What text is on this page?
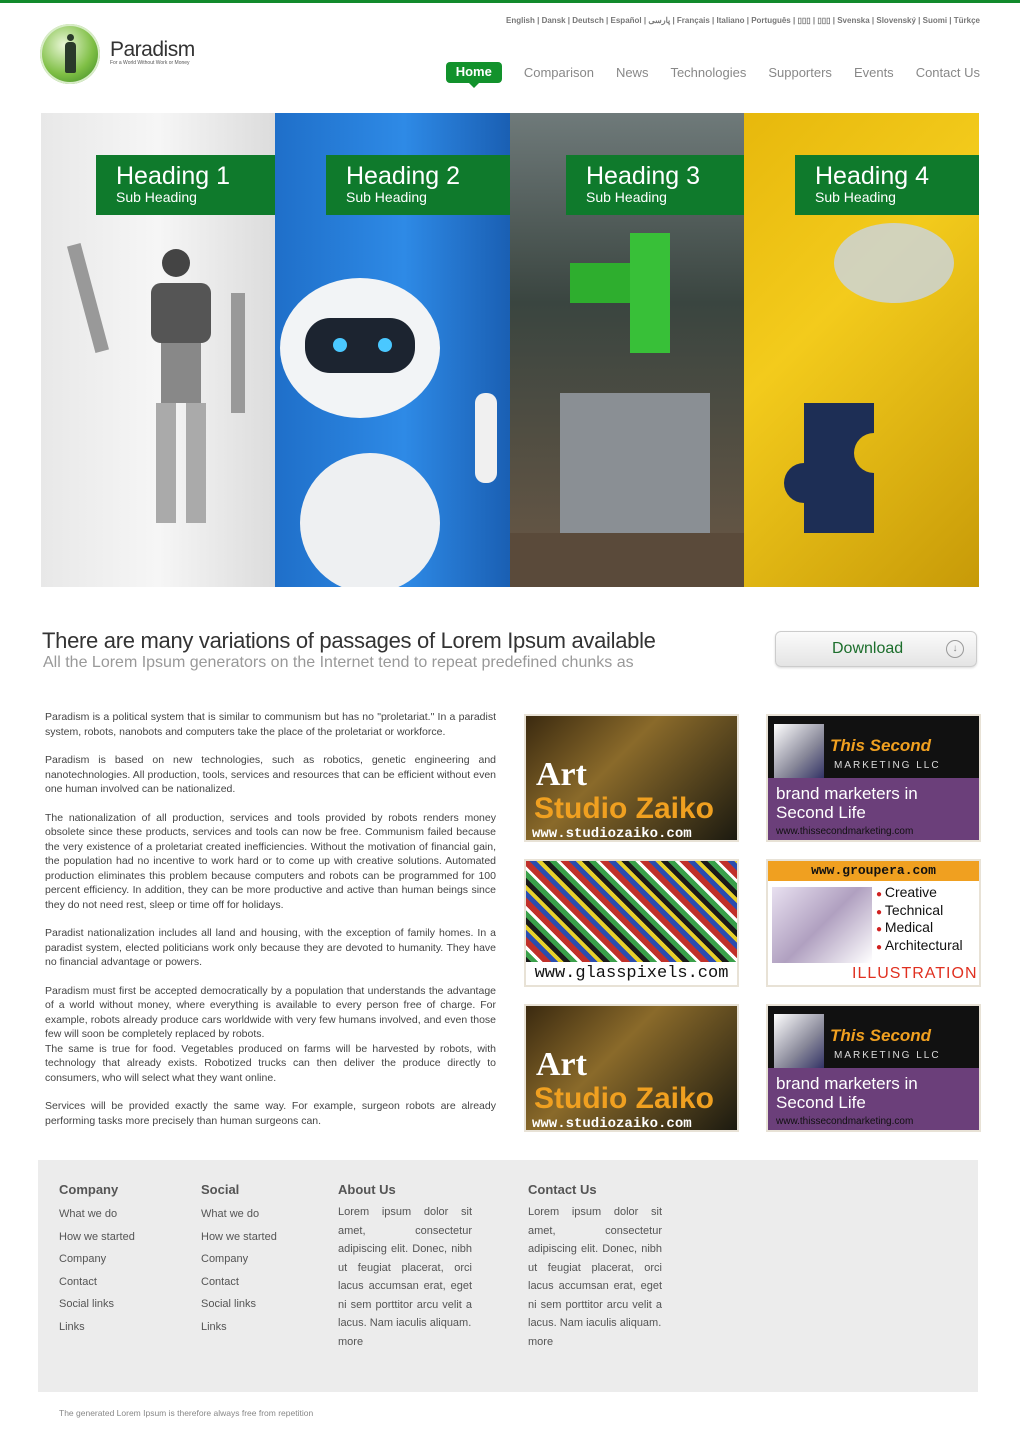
English | Dansk | Deutsch | Español | پارسی | Français | Italiano | Português | ▯▯▯ | ▯▯▯ | Svenska | Slovenský | Suomi | Türkçe
Paradism
For a World Without Work or Money
Home	Comparison News Technologies Supporters Events Contact Us
Heading 1
Sub Heading
Heading 2
Sub Heading
Heading 3
Sub Heading
Heading 4
Sub Heading
There are many variations of passages of Lorem Ipsum available
All the Lorem Ipsum generators on the Internet tend to repeat predefined chunks as
Download	↓

Paradism is a political system that is similar to communism but has no "proletariat." In a paradist system, robots, nanobots and computers take the place of the proletariat or workforce.

Paradism is based on new technologies, such as robotics, genetic engineering and nanotechnologies. All production, tools, services and resources that can be efficient without even one human involved can be nationalized.

The nationalization of all production, services and tools provided by robots renders money obsolete since these products, services and tools can now be free. Communism failed because the very existence of a proletariat created inefficiencies. Without the motivation of financial gain, the population had no incentive to work hard or to come up with creative solutions. Automated production eliminates this problem because computers and robots can be programmed for 100 percent efficiency. In addition, they can be more productive and active than human beings since they do not need rest, sleep or time off for holidays.

Paradist nationalization includes all land and housing, with the exception of family homes. In a paradist system, elected politicians work only because they are devoted to humanity. They have no financial advantage or powers.

Paradism must first be accepted democratically by a population that understands the advantage of a world without money, where everything is available to every person free of charge. For example, robots already produce cars worldwide with very few humans involved, and even those few will soon be completely replaced by robots.

The same is true for food. Vegetables produced on farms will be harvested by robots, with technology that already exists. Robotized trucks can then deliver the produce directly to consumers, who will select what they want online.

Services will be provided exactly the same way. For example, surgeon robots are already performing tasks more precisely than human surgeons can.

Art
Studio Zaiko
www.studiozaiko.com
This Second
MARKETING LLC
brand marketers in Second Life
www.thissecondmarketing.com
www.glasspixels.com
www.groupera.com
● Creative
● Technical
● Medical
● Architectural
ILLUSTRATION
Art
Studio Zaiko
www.studiozaiko.com
This Second
MARKETING LLC
brand marketers in Second Life
www.thissecondmarketing.com
Company
What we do
How we started
Company
Contact
Social links
Links
Social
What we do
How we started
Company
Contact
Social links
Links
About Us

Lorem ipsum dolor sit amet, consectetur adipiscing elit. Donec, nibh ut feugiat placerat, orci lacus accumsan erat, eget ni sem porttitor arcu velit a lacus. Nam iaculis aliquam.

more
Contact Us

Lorem ipsum dolor sit amet, consectetur adipiscing elit. Donec, nibh ut feugiat placerat, orci lacus accumsan erat, eget ni sem porttitor arcu velit a lacus. Nam iaculis aliquam.

more
The generated Lorem Ipsum is therefore always free from repetition
